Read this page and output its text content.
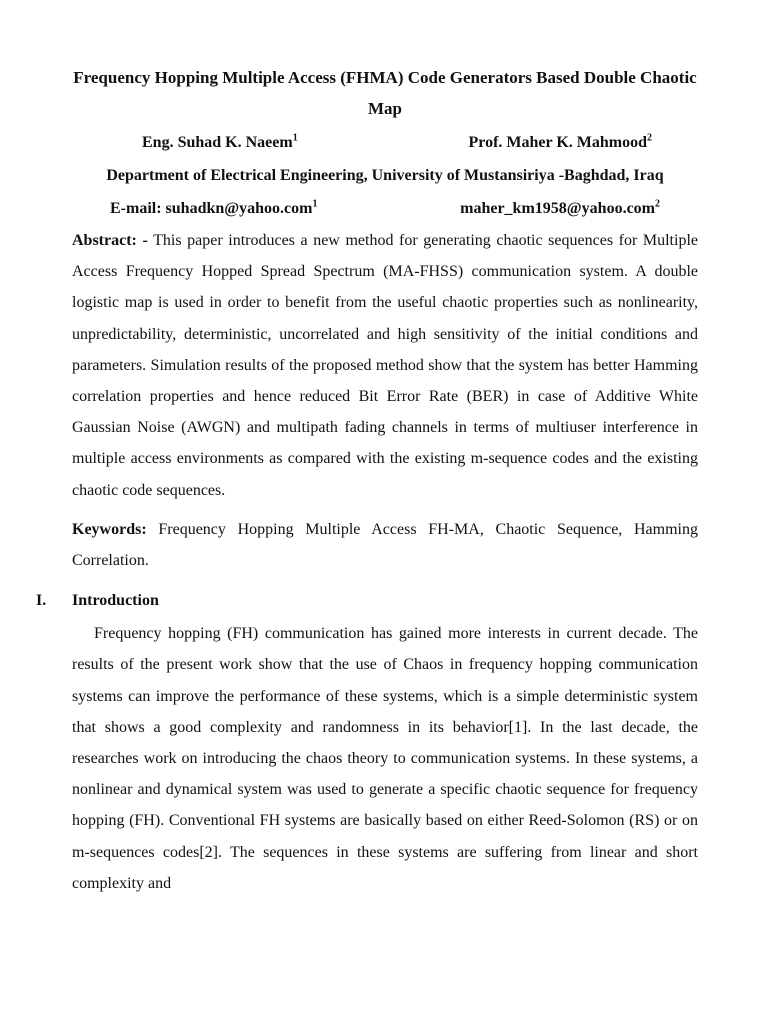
Frequency Hopping Multiple Access (FHMA) Code Generators Based Double Chaotic Map
Eng. Suhad K. Naeem$^1$	Prof. Maher K. Mahmood$^2$
Department of Electrical Engineering, University of Mustansiriya -Baghdad, Iraq
E-mail: suhadkn@yahoo.com$^1$	maher_km1958@yahoo.com$^2$

Abstract: - This paper introduces a new method for generating chaotic sequences for Multiple Access Frequency Hopped Spread Spectrum (MA-FHSS) communication system. A double logistic map is used in order to benefit from the useful chaotic properties such as nonlinearity, unpredictability, deterministic, uncorrelated and high sensitivity of the initial conditions and parameters. Simulation results of the proposed method show that the system has better Hamming correlation properties and hence reduced Bit Error Rate (BER) in case of Additive White Gaussian Noise (AWGN) and multipath fading channels in terms of multiuser interference in multiple access environments as compared with the existing m-sequence codes and the existing chaotic code sequences.

Keywords: Frequency Hopping Multiple Access FH-MA, Chaotic Sequence, Hamming Correlation.

I. Introduction

Frequency hopping (FH) communication has gained more interests in current decade. The results of the present work show that the use of Chaos in frequency hopping communication systems can improve the performance of these systems, which is a simple deterministic system that shows a good complexity and randomness in its behavior[1]. In the last decade, the researches work on introducing the chaos theory to communication systems. In these systems, a nonlinear and dynamical system was used to generate a specific chaotic sequence for frequency hopping (FH). Conventional FH systems are basically based on either Reed-Solomon (RS) or on m-sequences codes[2]. The sequences in these systems are suffering from linear and short complexity and
